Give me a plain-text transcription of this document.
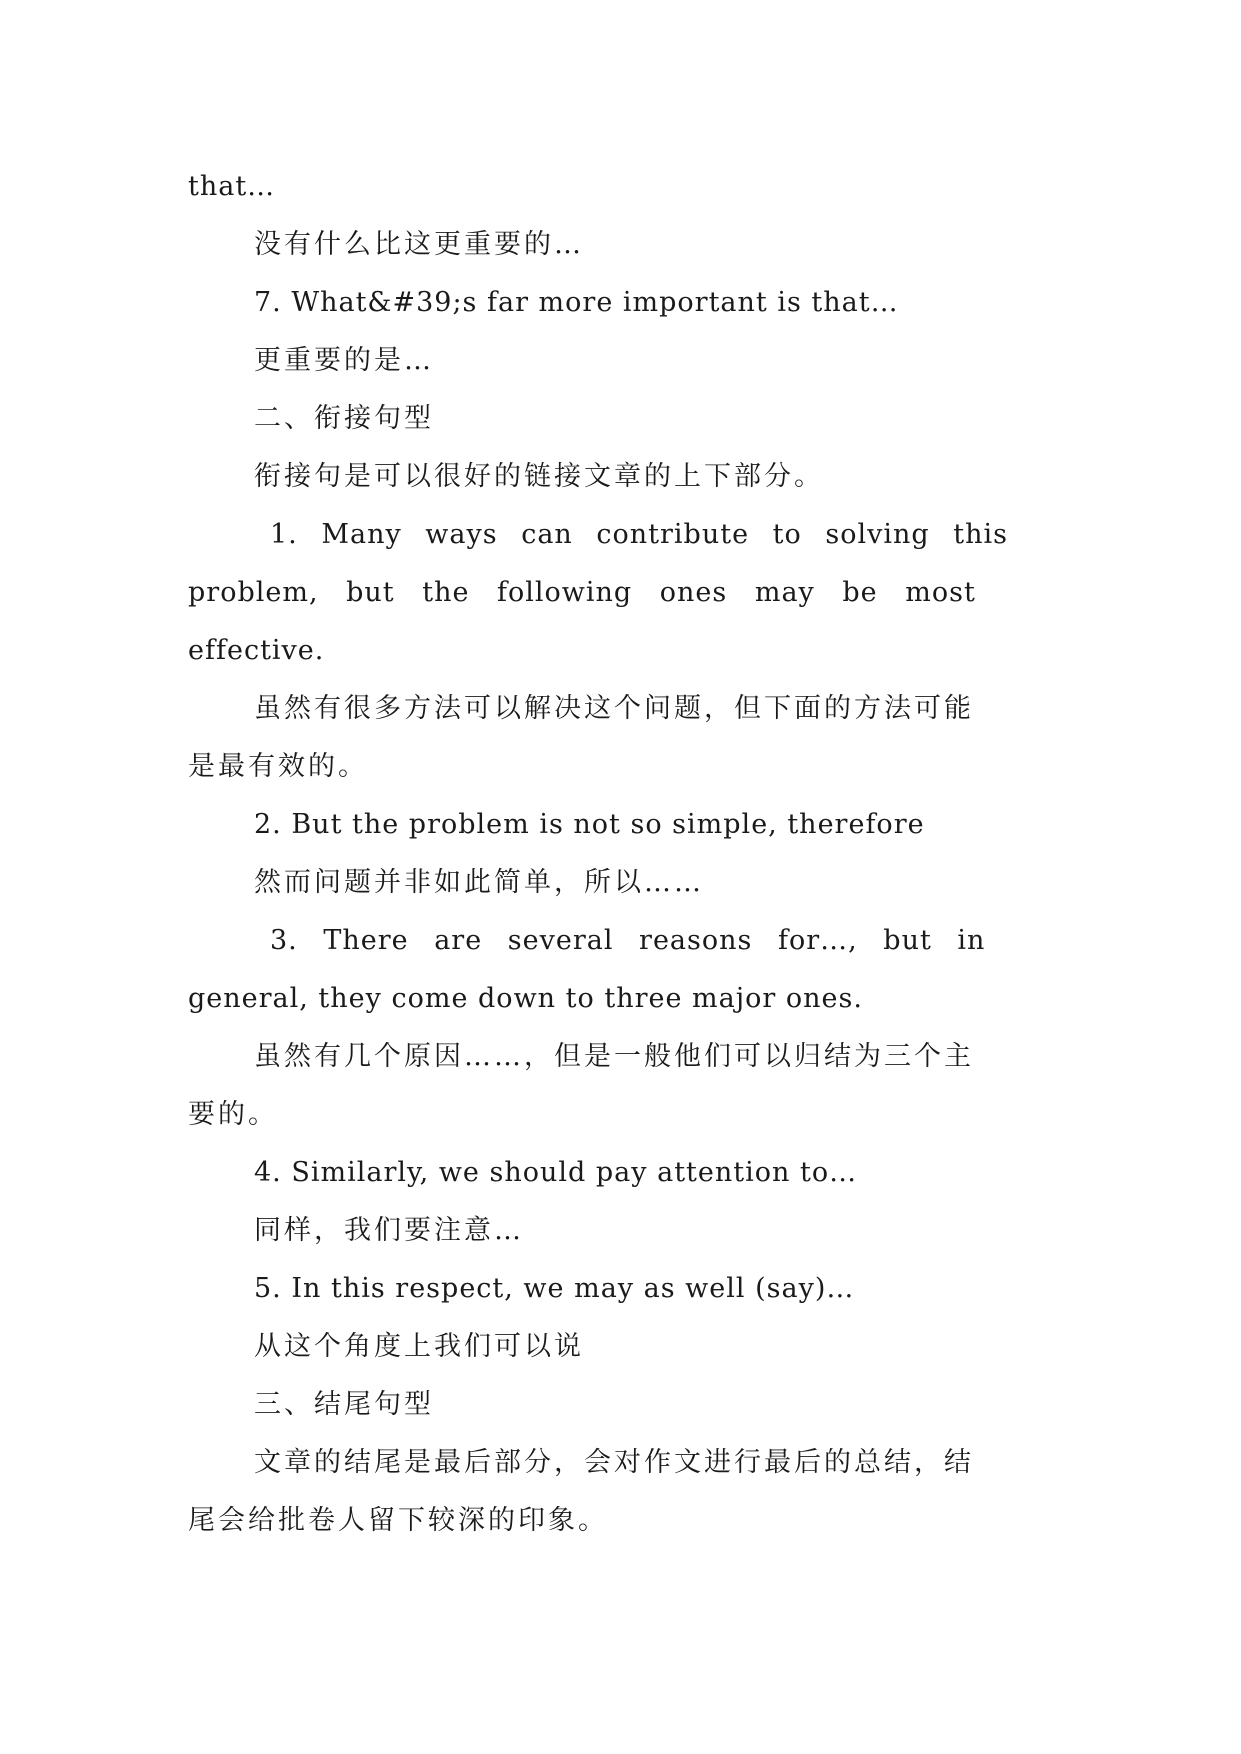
that…
没有什么比这更重要的…
7. What&#39;s far more important is that…
更重要的是…
二、衔接句型
衔接句是可以很好的链接文章的上下部分。
1. Many ways can contribute to solving this
problem, but the following ones may be most
effective.
虽然有很多方法可以解决这个问题，但下面的方法可能
是最有效的。
2. But the problem is not so simple, therefore
然而问题并非如此简单，所以……
3. There are several reasons for…, but in
general, they come down to three major ones.
虽然有几个原因……，但是一般他们可以归结为三个主
要的。
4. Similarly, we should pay attention to…
同样，我们要注意…
5. In this respect, we may as well (say)…
从这个角度上我们可以说
三、结尾句型
文章的结尾是最后部分，会对作文进行最后的总结，结
尾会给批卷人留下较深的印象。
